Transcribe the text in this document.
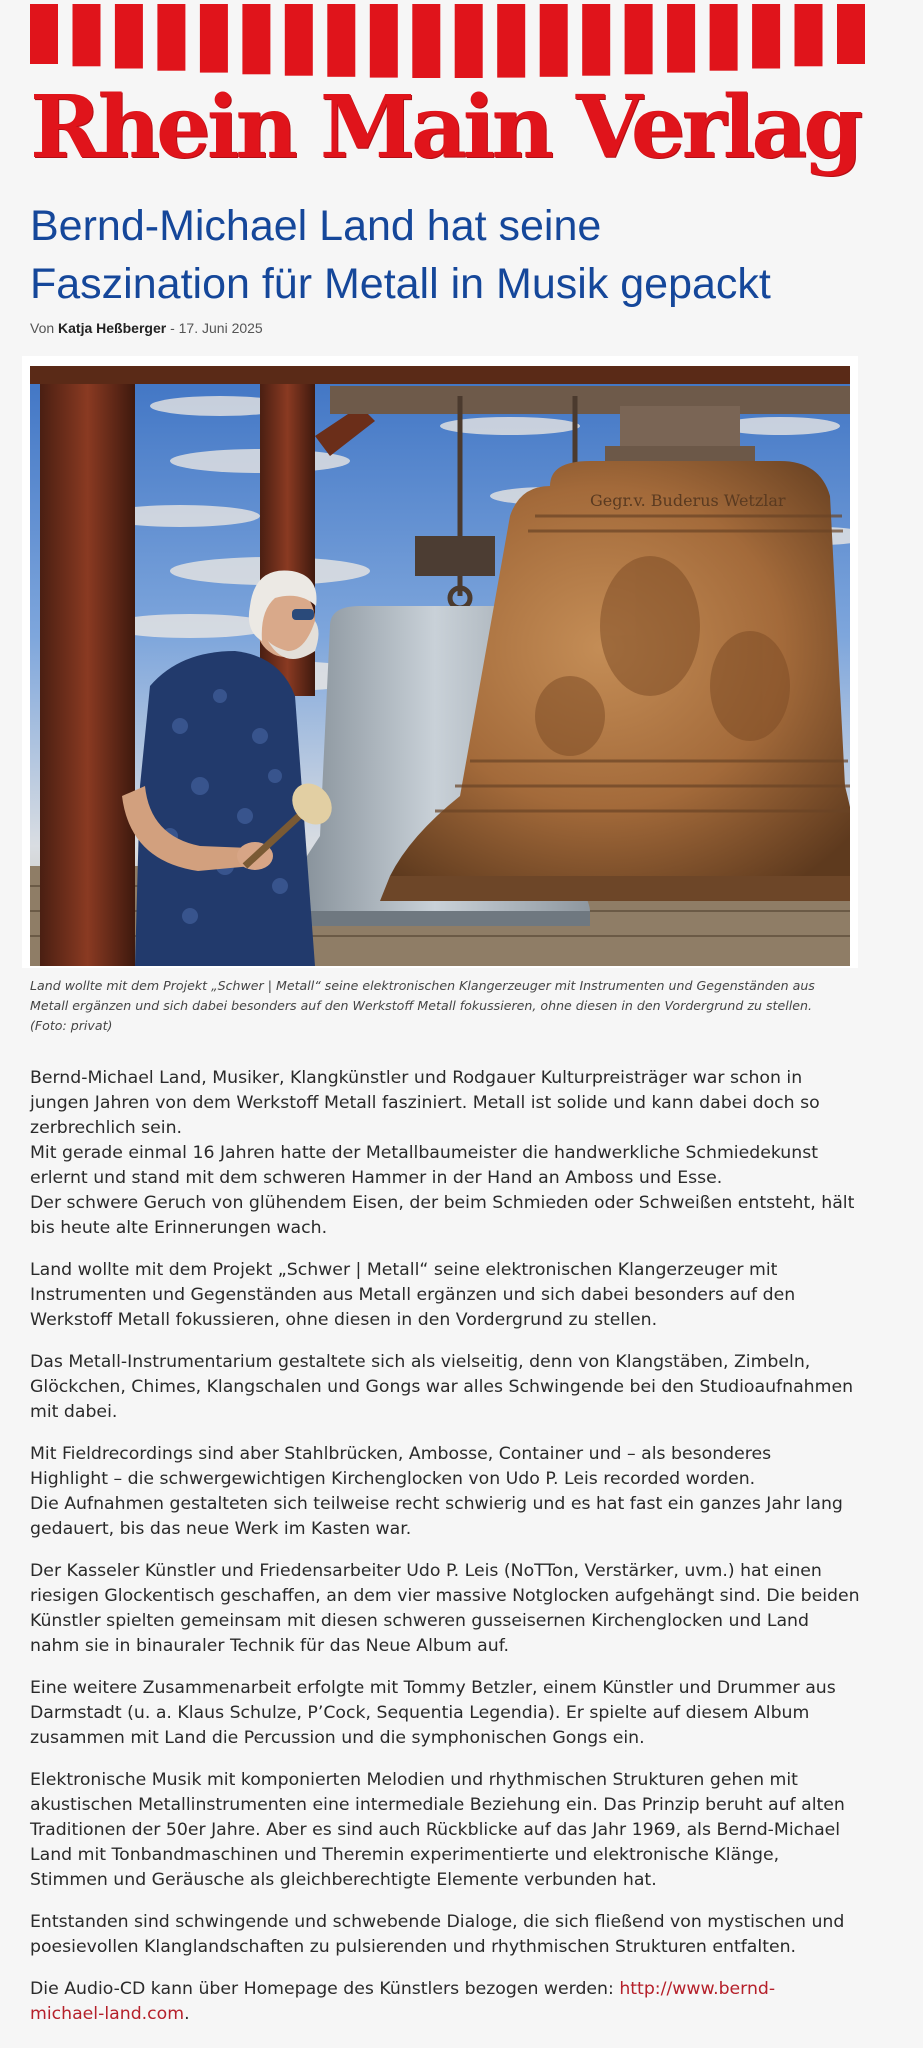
Rhein Main Verlag
Bernd-Michael Land hat seine
Faszination für Metall in Musik gepackt
Von Katja Heßberger - 17. Juni 2025
Gegr.v. Buderus Wetzlar
Land wollte mit dem Projekt „Schwer | Metall“ seine elektronischen Klangerzeuger mit Instrumenten und Gegenständen aus
Metall ergänzen und sich dabei besonders auf den Werkstoff Metall fokussieren, ohne diesen in den Vordergrund zu stellen.
(Foto: privat)

Bernd-Michael Land, Musiker, Klangkünstler und Rodgauer Kulturpreisträger war schon in
jungen Jahren von dem Werkstoff Metall fasziniert. Metall ist solide und kann dabei doch so
zerbrechlich sein.
Mit gerade einmal 16 Jahren hatte der Metallbaumeister die handwerkliche Schmiedekunst
erlernt und stand mit dem schweren Hammer in der Hand an Amboss und Esse.
Der schwere Geruch von glühendem Eisen, der beim Schmieden oder Schweißen entsteht, hält
bis heute alte Erinnerungen wach.

Land wollte mit dem Projekt „Schwer | Metall“ seine elektronischen Klangerzeuger mit
Instrumenten und Gegenständen aus Metall ergänzen und sich dabei besonders auf den
Werkstoff Metall fokussieren, ohne diesen in den Vordergrund zu stellen.

Das Metall-Instrumentarium gestaltete sich als vielseitig, denn von Klangstäben, Zimbeln,
Glöckchen, Chimes, Klangschalen und Gongs war alles Schwingende bei den Studioaufnahmen
mit dabei.

Mit Fieldrecordings sind aber Stahlbrücken, Ambosse, Container und – als besonderes
Highlight – die schwergewichtigen Kirchenglocken von Udo P. Leis recorded worden.
Die Aufnahmen gestalteten sich teilweise recht schwierig und es hat fast ein ganzes Jahr lang
gedauert, bis das neue Werk im Kasten war.

Der Kasseler Künstler und Friedensarbeiter Udo P. Leis (NoTTon, Verstärker, uvm.) hat einen
riesigen Glockentisch geschaffen, an dem vier massive Notglocken aufgehängt sind. Die beiden
Künstler spielten gemeinsam mit diesen schweren gusseisernen Kirchenglocken und Land
nahm sie in binauraler Technik für das Neue Album auf.

Eine weitere Zusammenarbeit erfolgte mit Tommy Betzler, einem Künstler und Drummer aus
Darmstadt (u. a. Klaus Schulze, P’Cock, Sequentia Legendia). Er spielte auf diesem Album
zusammen mit Land die Percussion und die symphonischen Gongs ein.

Elektronische Musik mit komponierten Melodien und rhythmischen Strukturen gehen mit
akustischen Metallinstrumenten eine intermediale Beziehung ein. Das Prinzip beruht auf alten
Traditionen der 50er Jahre. Aber es sind auch Rückblicke auf das Jahr 1969, als Bernd-Michael
Land mit Tonbandmaschinen und Theremin experimentierte und elektronische Klänge,
Stimmen und Geräusche als gleichberechtigte Elemente verbunden hat.

Entstanden sind schwingende und schwebende Dialoge, die sich fließend von mystischen und
poesievollen Klanglandschaften zu pulsierenden und rhythmischen Strukturen entfalten.

Die Audio-CD kann über Homepage des Künstlers bezogen werden: http://www.bernd-
michael-land.com.
